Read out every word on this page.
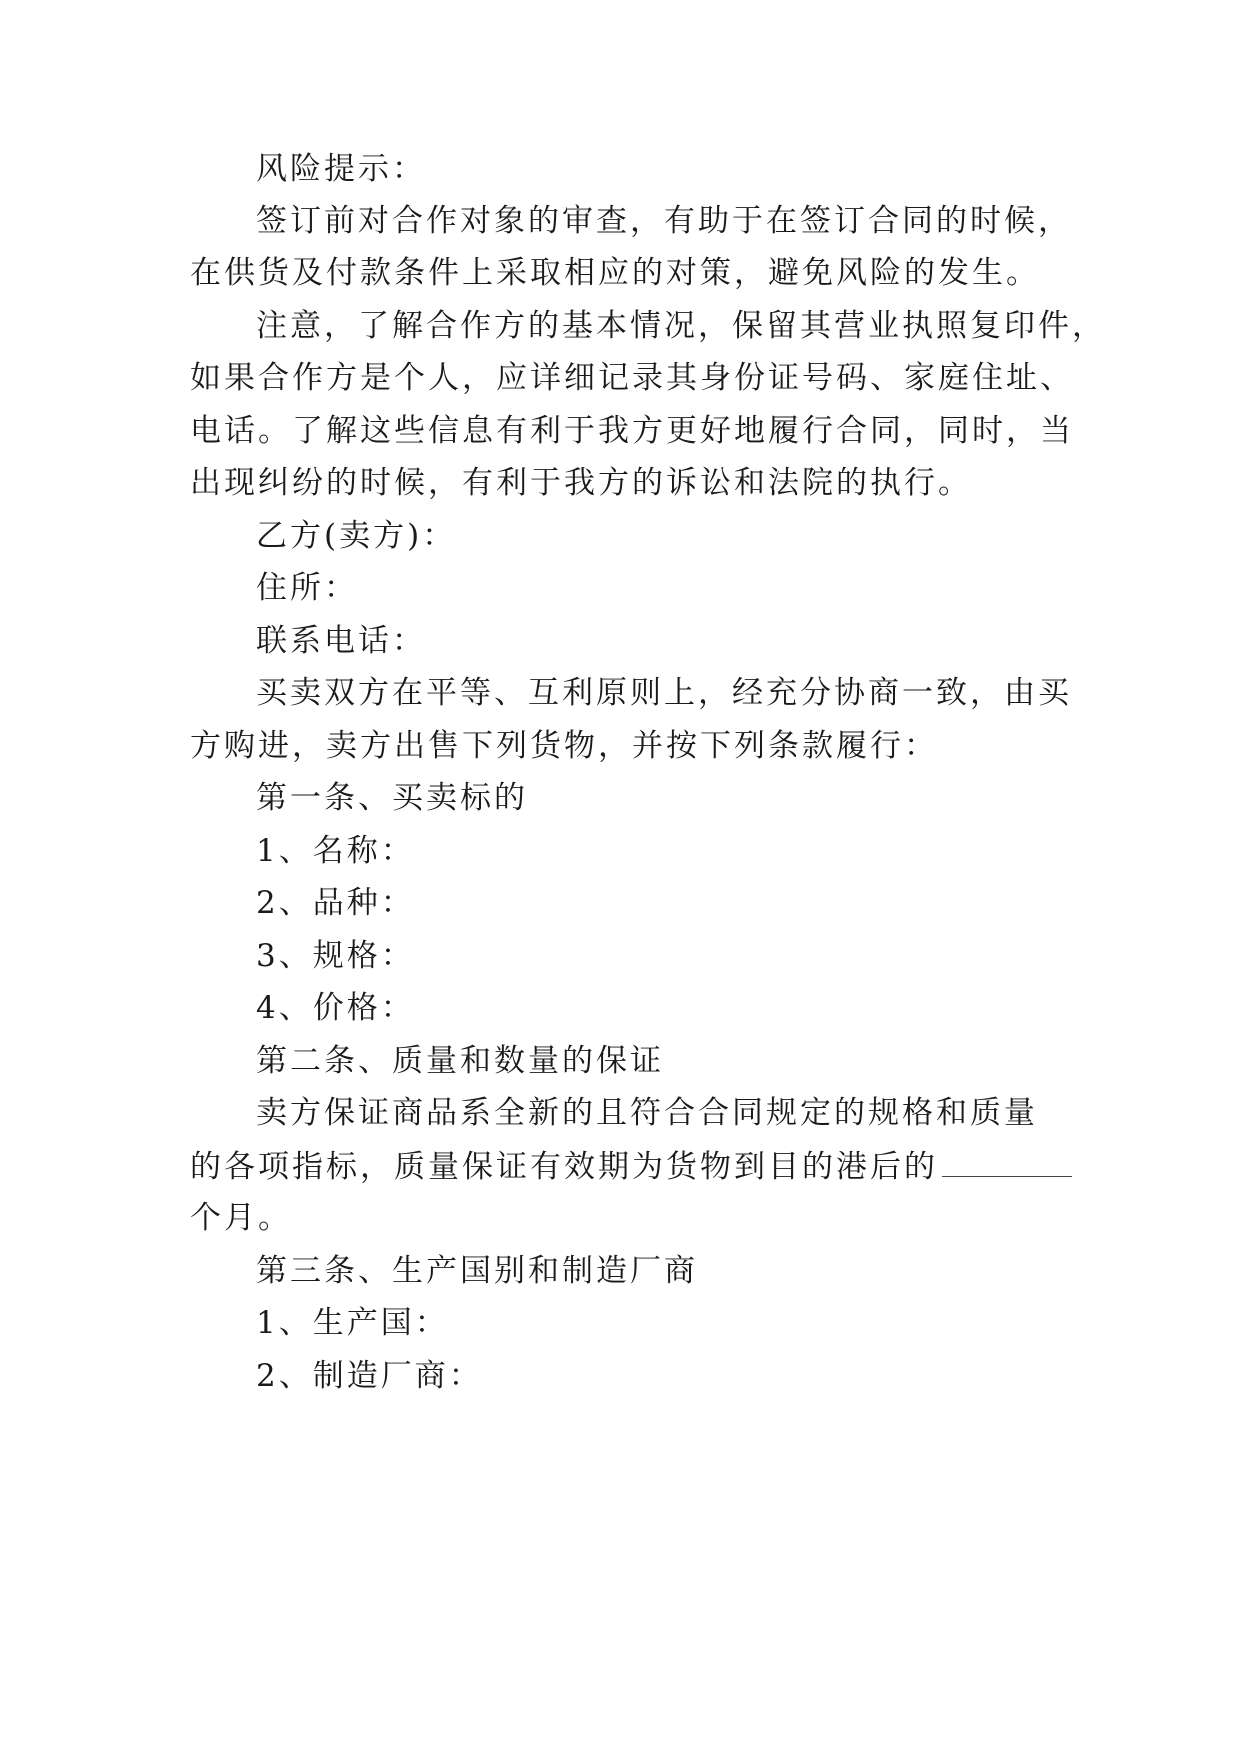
风险提示：
签订前对合作对象的审查，有助于在签订合同的时候，
在供货及付款条件上采取相应的对策，避免风险的发生。
注意，了解合作方的基本情况，保留其营业执照复印件，
如果合作方是个人，应详细记录其身份证号码、家庭住址、
电话。了解这些信息有利于我方更好地履行合同，同时，当
出现纠纷的时候，有利于我方的诉讼和法院的执行。
乙方(卖方)：
住所：
联系电话：
买卖双方在平等、互利原则上，经充分协商一致，由买
方购进，卖方出售下列货物，并按下列条款履行：
第一条、买卖标的
1、名称：
2、品种：
3、规格：
4、价格：
第二条、质量和数量的保证
卖方保证商品系全新的且符合合同规定的规格和质量
的各项指标，质量保证有效期为货物到目的港后的
个月。
第三条、生产国别和制造厂商
1、生产国：
2、制造厂商：
